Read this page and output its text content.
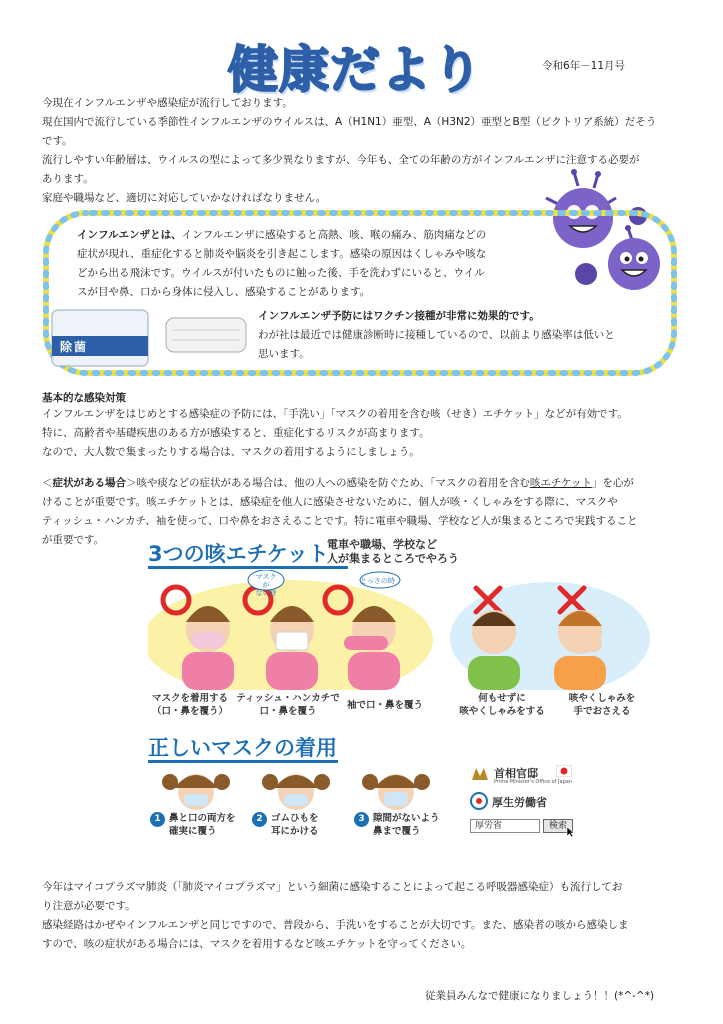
健康だより	令和6年－11月号
今現在インフルエンザや感染症が流行しております。
現在国内で流行している季節性インフルエンザのウイルスは、A（H1N1）亜型、A（H3N2）亜型とB型（ビクトリア系統）だそう
です。
流行しやすい年齢層は、ウイルスの型によって多少異なりますが、今年も、全ての年齢の方がインフルエンザに注意する必要が
あります。
家庭や職場など、適切に対応していかなければなりません。
除菌
インフルエンザとは、インフルエンザに感染すると高熱、咳、喉の痛み、筋肉痛などの
症状が現れ、重症化すると肺炎や脳炎を引き起こします。感染の原因はくしゃみや咳な
どから出る飛沫です。ウイルスが付いたものに触った後、手を洗わずにいると、ウイル
スが目や鼻、口から身体に侵入し、感染することがあります。
インフルエンザ予防にはワクチン接種が非常に効果的です。
わが社は最近では健康診断時に接種しているので、以前より感染率は低いと
思います。
基本的な感染対策
インフルエンザをはじめとする感染症の予防には、「手洗い」「マスクの着用を含む咳（せき）エチケット」などが有効です。
特に、高齢者や基礎疾患のある方が感染すると、重症化するリスクが高まります。
なので、大人数で集まったりする場合は、マスクの着用するようにしましょう。
＜症状がある場合＞咳や痰などの症状がある場合は、他の人への感染を防ぐため、「マスクの着用を含む咳エチケット」を心が
けることが重要です。咳エチケットとは、感染症を他人に感染させないために、個人が咳・くしゃみをする際に、マスクや
ティッシュ・ハンカチ、袖を使って、口や鼻をおさえることです。特に電車や職場、学校など人が集まるところで実践すること
が重要です。
3つの咳エチケット
電車や職場、学校など
人が集まるところでやろう
マスクが
ない時
とっさの時
マスクを着用する
（口・鼻を覆う）
ティッシュ・ハンカチで
口・鼻を覆う
袖で口・鼻を覆う
何もせずに
咳やくしゃみをする
咳やくしゃみを
手でおさえる
正しいマスクの着用
1 鼻と口の両方を
確実に覆う
2 ゴムひもを
耳にかける
3 隙間がないよう
鼻まで覆う
首相官邸
Prime Minister's Office of Japan
厚生労働省
厚労省	検索
今年はマイコプラズマ肺炎（「肺炎マイコプラズマ」という細菌に感染することによって起こる呼吸器感染症）も流行してお
り注意が必要です。
感染経路はかぜやインフルエンザと同じですので、普段から、手洗いをすることが大切です。また、感染者の咳から感染しま
すので、咳の症状がある場合には、マスクを着用するなど咳エチケットを守ってください。
従業員みんなで健康になりましょう！！(*^-^*)
